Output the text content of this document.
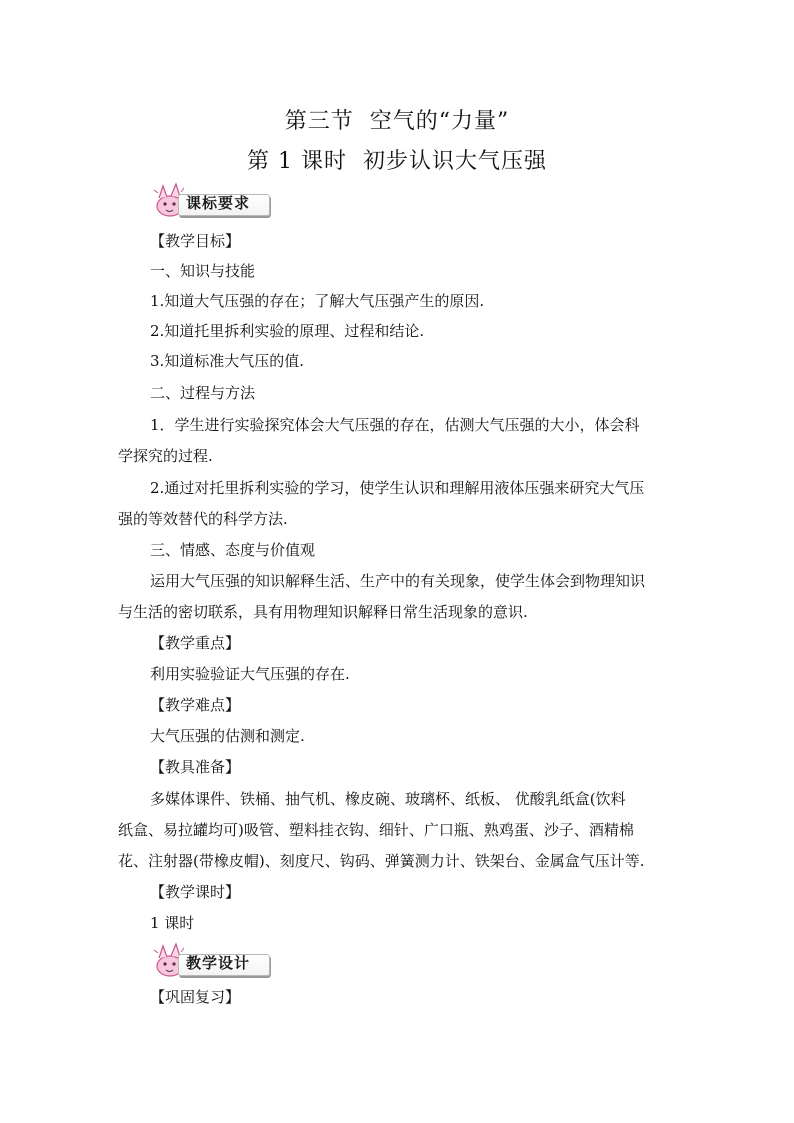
第三节  空气的“力量”
第 1 课时  初步认识大气压强
课标要求
【教学目标】
一、知识与技能
1.知道大气压强的存在；了解大气压强产生的原因.
2.知道托里拆利实验的原理、过程和结论.
3.知道标准大气压的值.
二、过程与方法
1．学生进行实验探究体会大气压强的存在，估测大气压强的大小，体会科
学探究的过程.
2.通过对托里拆利实验的学习，使学生认识和理解用液体压强来研究大气压
强的等效替代的科学方法.
三、情感、态度与价值观
运用大气压强的知识解释生活、生产中的有关现象，使学生体会到物理知识
与生活的密切联系，具有用物理知识解释日常生活现象的意识.
【教学重点】
利用实验验证大气压强的存在.
【教学难点】
大气压强的估测和测定.
【教具准备】
多媒体课件、铁桶、抽气机、橡皮碗、玻璃杯、纸板、 优酸乳纸盒(饮料
纸盒、易拉罐均可)吸管、塑料挂衣钩、细针、广口瓶、熟鸡蛋、沙子、酒精棉
花、注射器(带橡皮帽)、刻度尺、钩码、弹簧测力计、铁架台、金属盒气压计等.
【教学课时】
1 课时
教学设计
【巩固复习】
